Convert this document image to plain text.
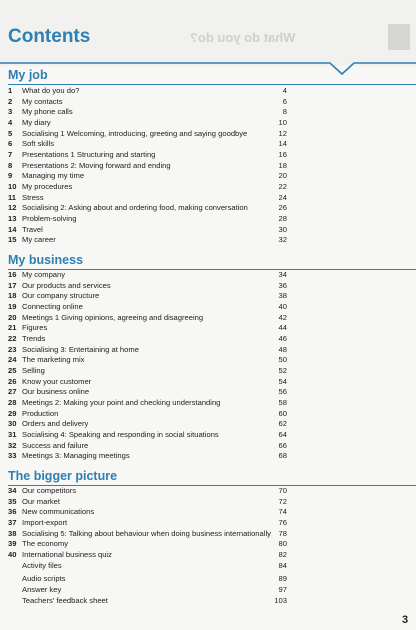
What do you do?
Contents
My job
1	What do you do?	4
2	My contacts	6
3	My phone calls	8
4	My diary	10
5	Socialising 1 Welcoming, introducing, greeting and saying goodbye	12
6	Soft skills	14
7	Presentations 1 Structuring and starting	16
8	Presentations 2: Moving forward and ending	18
9	Managing my time	20
10 My procedures	22
11 Stress	24
12 Socialising 2: Asking about and ordering food, making conversation	26
13 Problem-solving	28
14 Travel	30
15 My career	32
My business
16 My company	34
17 Our products and services	36
18 Our company structure	38
19 Connecting online	40
20 Meetings 1 Giving opinions, agreeing and disagreeing	42
21 Figures	44
22 Trends	46
23 Socialising 3: Entertaining at home	48
24 The marketing mix	50
25 Selling	52
26 Know your customer	54
27 Our business online	56
28 Meetings 2: Making your point and checking understanding	58
29 Production	60
30 Orders and delivery	62
31 Socialising 4: Speaking and responding in social situations	64
32 Success and failure	66
33 Meetings 3: Managing meetings	68
The bigger picture
34 Our competitors	70
35 Our market	72
36 New communications	74
37 Import-export	76
38 Socialising 5: Talking about behaviour when doing business internationally 78
39 The economy	80
40 International business quiz	82
Activity files	84
Audio scripts	89
Answer key	97
Teachers' feedback sheet	103
3
